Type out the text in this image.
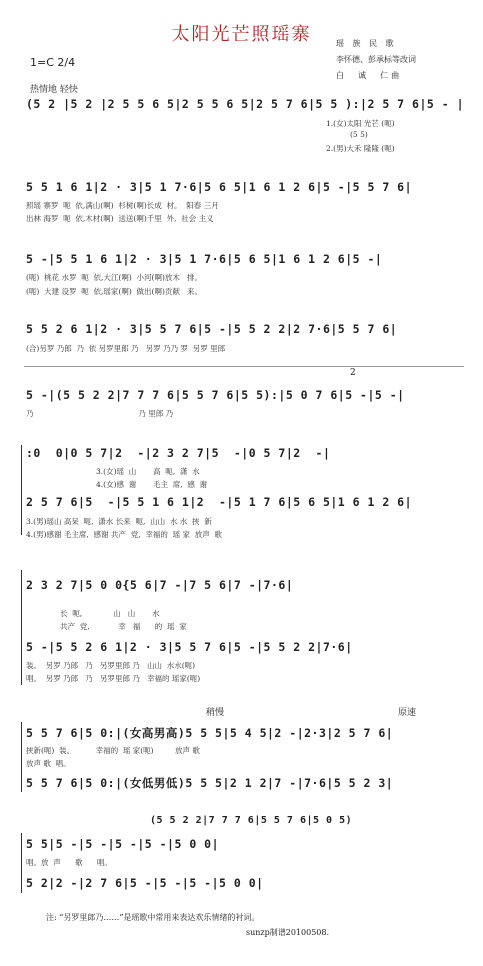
太阳光芒照瑶寨	瑶 族 民 歌
李怀德、彭承标等改词
白  诚  仁曲
1=C 2/4
热情地 轻快
(5 2 |5 2 |2 5 5 6 5|2 5 5 6 5|2 5 7 6|5 5 ):|2 5 7 6|5 - |
1.(女)太阳 光芒 (呃)
(5 5)
2.(男)大禾 隆隆 (呃)
5 5 1 6 1|2 · 3|5 1 7·6|5 6 5|1 6 1 2 6|5 -|5 5 7 6|
照瑶 寨罗  呃  依,满山(啊)  杉树(啊)长成  材。  阳春 三月
出林 海罗  呃  依,木材(啊)  送送(啊)千里  外,  社会 主义
5 -|5 5 1 6 1|2 · 3|5 1 7·6|5 6 5|1 6 1 2 6|5 -|
(呃)  桃花 水罗  呃  依,大江(啊)  小河(啊)放木   排。
(呃)  大建 设罗  呃  依,瑶家(啊)  做出(啊)贡献   来。
5 5 2 6 1|2 · 3|5 5 7 6|5 -|5 5 2 2|2 7·6|5 5 7 6|
(合)另罗 乃郎  乃  依 另罗里郎 乃   另罗 乃乃 罗  另罗 里郎
2
5 -|(5 5 2 2|7 7 7 6|5 5 7 6|5 5):|5 0 7 6|5 -|5 -|
乃                                            乃 里郎 乃
:0  0|0 5 7|2  -|2 3 2 7|5  -|0 5 7|2  -|
3.(女)瑶  山       高  呃,  潇  水
4.(女)感  谢       毛主  席,  感  谢
2 5 7 6|5  -|5 5 1 6 1|2  -|5 1 7 6|5 6 5|1 6 1 2 6|
3.(男)瑶山 高呆  呃,  潇水 长来  呃,  山山  水 水  挟  新
4.(男)感谢 毛主席,  感谢 共产  党,  幸福的  瑶 家  放声  歌
2 3 2 7|5 0 0{5 6|7 -|7 5 6|7 -|7·6|
长  呃,             山   山       水
共产  党,            幸   福      的  瑶  家
5 -|5 5 2 6 1|2 · 3|5 5 7 6|5 -|5 5 2 2|7·6|
装。  另罗 乃郎   乃   另罗里郎 乃   山山  水水(呃)
唱。  另罗 乃郎   乃   另罗里郎 乃   幸福的 瑶家(呃)
稍慢	原速
5 5 7 6|5 0:|(女高男高)5 5 5|5 4 5|2 -|2·3|2 5 7 6|
挟新(呃)  装。         幸福的  瑶 家(呃)         放声 歌
放声 歌  唱。
5 5 7 6|5 0:|(女低男低)5 5 5|2 1 2|7 -|7·6|5 5 2 3|
(5 5 2 2|7 7 7 6|5 5 7 6|5 0 5)
5 5|5 -|5 -|5 -|5 -|5 0 0|
唱。放  声      歌      唱。
5 2|2 -|2 7 6|5 -|5 -|5 -|5 0 0|
注: “另罗里郎乃……”是瑶歌中常用来表达欢乐情绪的衬词。
sunzp制谱20100508.
